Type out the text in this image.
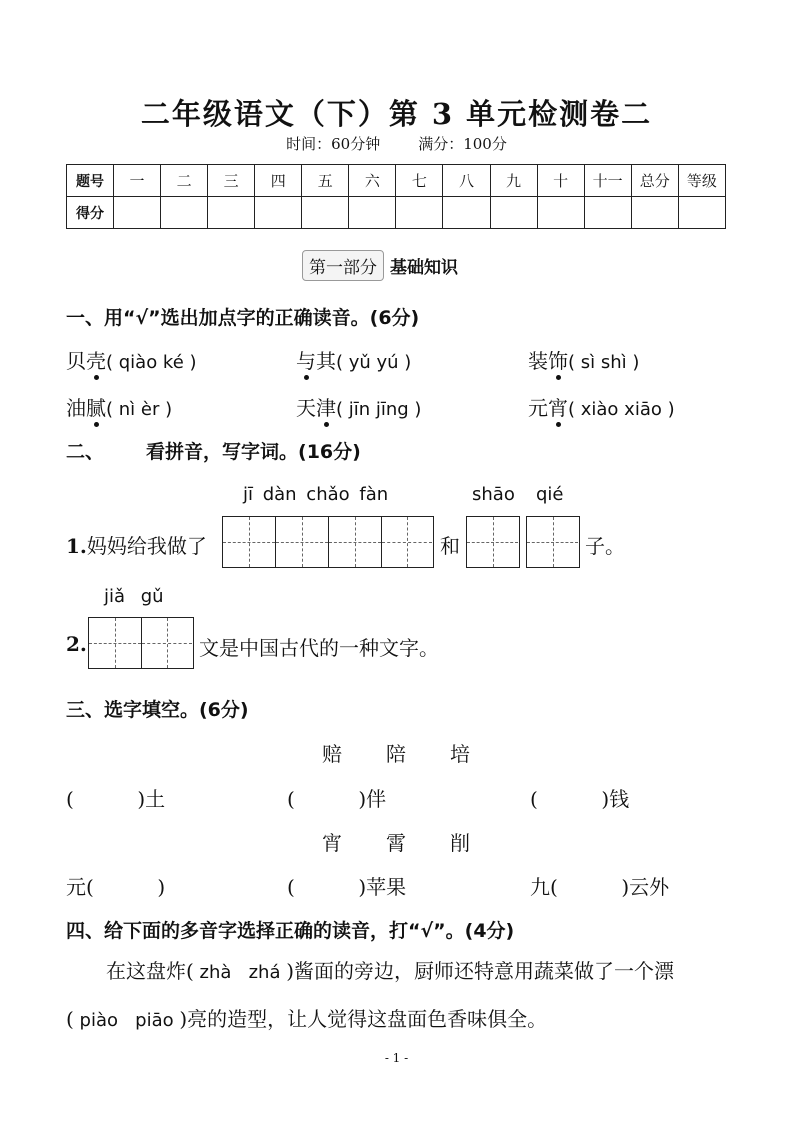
二年级语文（下）第 3 单元检测卷二
时间：60分钟	满分：100分
题号	一	二	三	四	五	六	七	八	九	十	十一	总分	等级
得分													
第一部分 基础知识
一、用“√”选出加点字的正确读音。(6分)
贝壳( qiào ké )	与其( yǔ yú )	装饰( sì shì )
油腻( nì èr )	天津( jīn jīng )	元宵( xiào xiāo )
二、 看拼音，写字词。(16分)
jī dàn chǎo fàn	shāo qié
1.妈妈给我做了	和	子。
jiǎ gǔ
2.	文是中国古代的一种文字。
三、选字填空。(6分)
赔 陪 培
(          )土	(          )伴	(          )钱
宵 霄 削
元(          )	(          )苹果	九(          )云外
四、给下面的多音字选择正确的读音，打“√”。(4分)
在这盘炸( zhà   zhá )酱面的旁边，厨师还特意用蔬菜做了一个漂
( piào   piāo )亮的造型，让人觉得这盘面色香味俱全。
- 1 -
